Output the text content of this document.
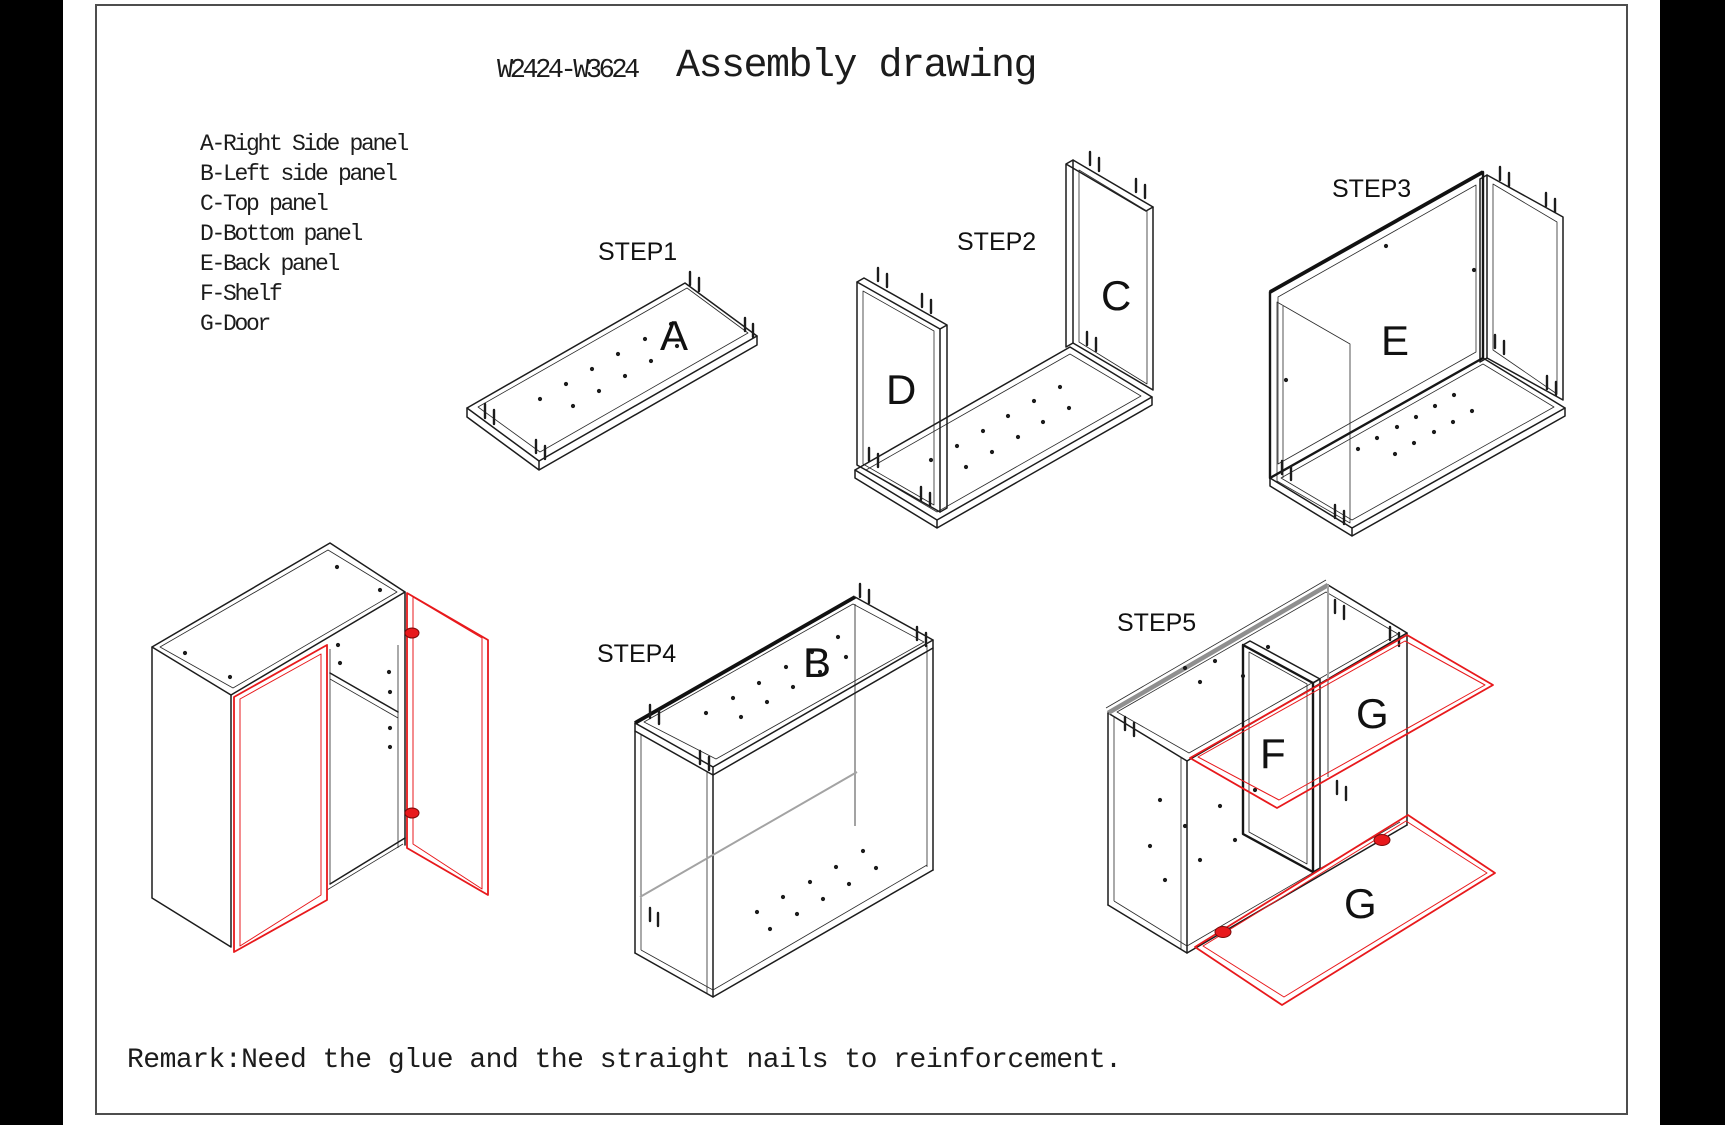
W2424-W3624 Assembly drawing
A-Right Side panel
B-Left side panel
C-Top panel
D-Bottom panel
E-Back panel
F-Shelf
G-Door
STEP1
A
STEP2
D
C
STEP3
E
STEP4	B
STEP5
F
G
G
Remark:Need the glue and the straight nails to reinforcement.
